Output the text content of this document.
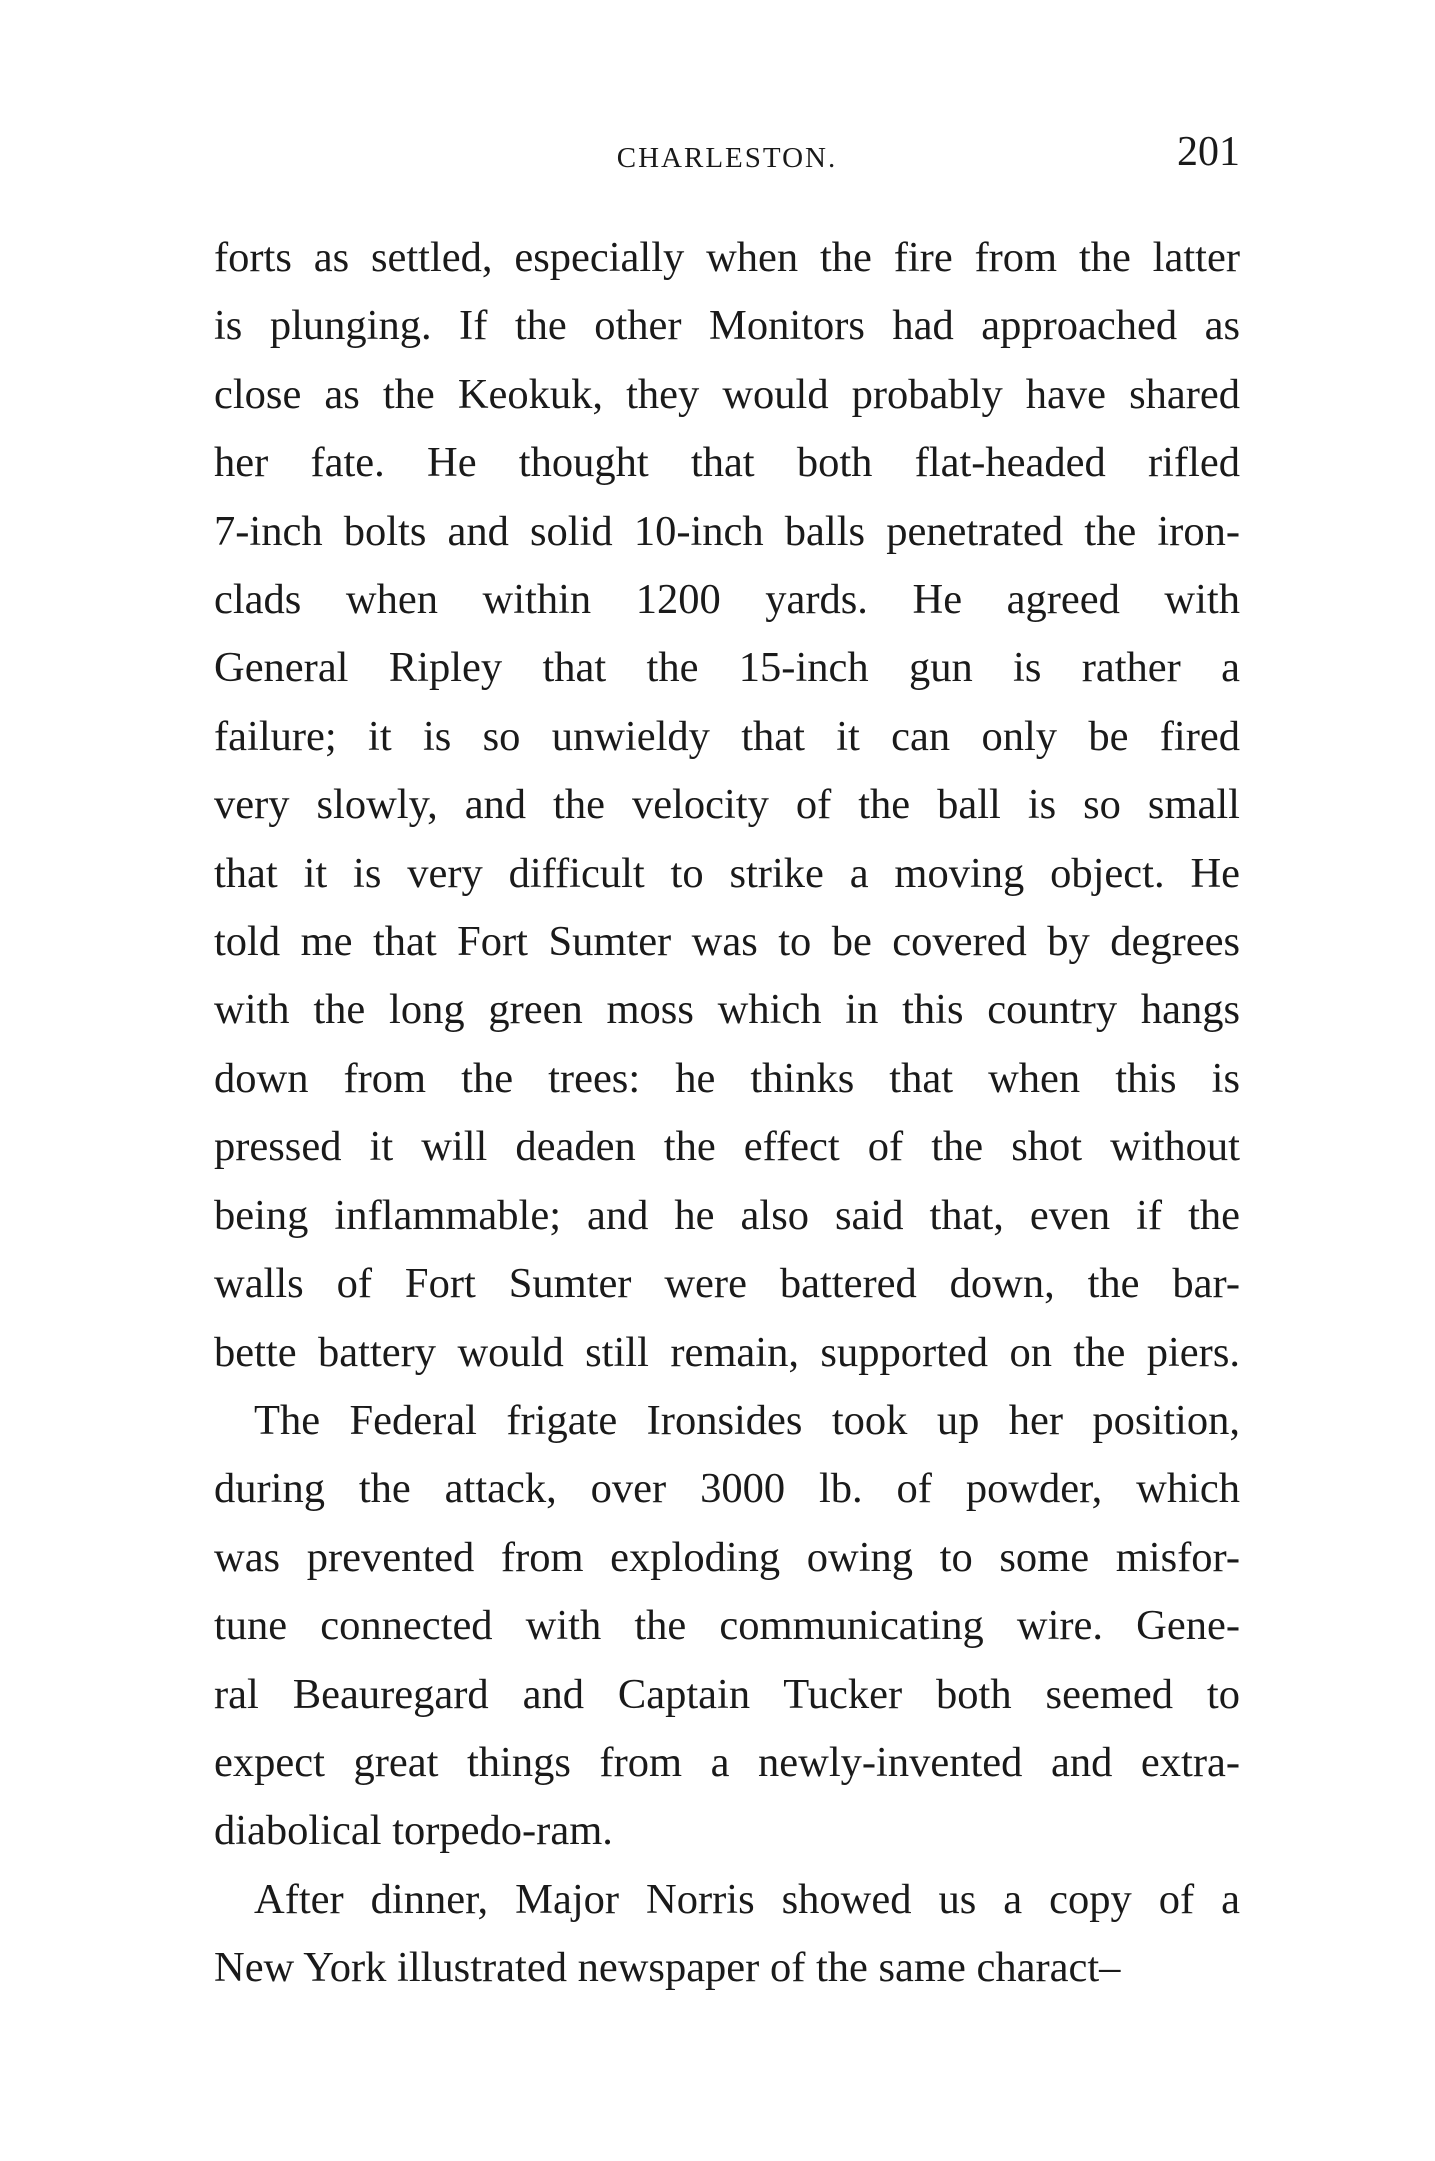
CHARLESTON.	201
forts as settled, especially when the fire from the latter
is plunging. If the other Monitors had approached as
close as the Keokuk, they would probably have shared
her fate. He thought that both flat-headed rifled
7-inch bolts and solid 10-inch balls penetrated the iron-
clads when within 1200 yards. He agreed with
General Ripley that the 15-inch gun is rather a
failure; it is so unwieldy that it can only be fired
very slowly, and the velocity of the ball is so small
that it is very difficult to strike a moving object. He
told me that Fort Sumter was to be covered by degrees
with the long green moss which in this country hangs
down from the trees: he thinks that when this is
pressed it will deaden the effect of the shot without
being inflammable; and he also said that, even if the
walls of Fort Sumter were battered down, the bar-
bette battery would still remain, supported on the piers.
The Federal frigate Ironsides took up her position,
during the attack, over 3000 lb. of powder, which
was prevented from exploding owing to some misfor-
tune connected with the communicating wire. Gene-
ral Beauregard and Captain Tucker both seemed to
expect great things from a newly-invented and extra-
diabolical torpedo-ram.
After dinner, Major Norris showed us a copy of a
New York illustrated newspaper of the same charact–
